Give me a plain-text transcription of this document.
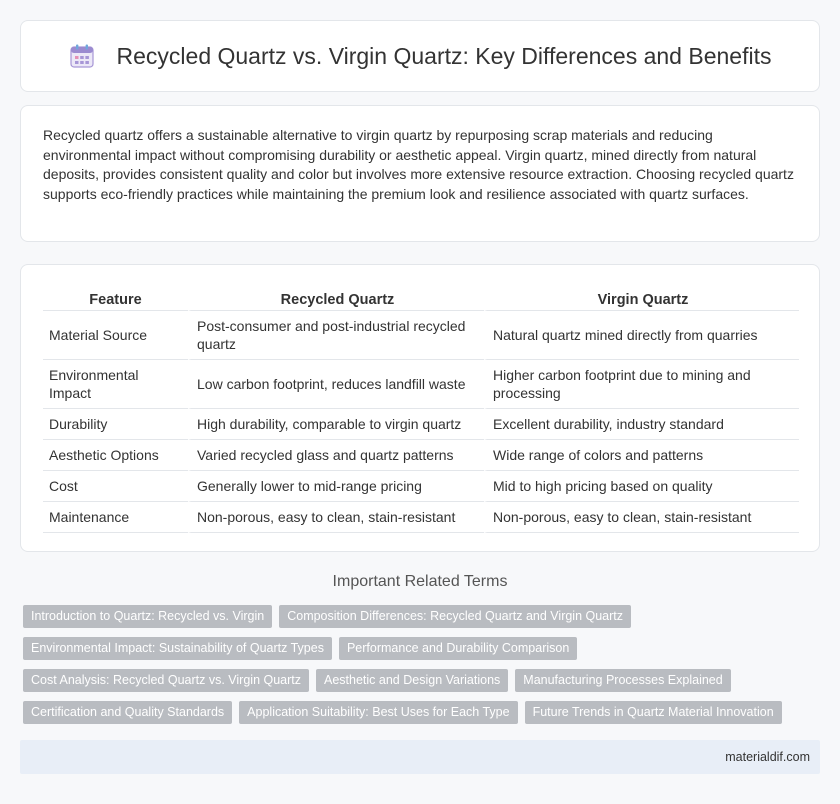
Recycled Quartz vs. Virgin Quartz: Key Differences and Benefits

Recycled quartz offers a sustainable alternative to virgin quartz by repurposing scrap materials and reducing environmental impact without compromising durability or aesthetic appeal. Virgin quartz, mined directly from natural deposits, provides consistent quality and color but involves more extensive resource extraction. Choosing recycled quartz supports eco-friendly practices while maintaining the premium look and resilience associated with quartz surfaces.

Feature	Recycled Quartz	Virgin Quartz
Material Source	Post-consumer and post-industrial recycled quartz	Natural quartz mined directly from quarries
Environmental Impact	Low carbon footprint, reduces landfill waste	Higher carbon footprint due to mining and processing
Durability	High durability, comparable to virgin quartz	Excellent durability, industry standard
Aesthetic Options	Varied recycled glass and quartz patterns	Wide range of colors and patterns
Cost	Generally lower to mid-range pricing	Mid to high pricing based on quality
Maintenance	Non-porous, easy to clean, stain-resistant	Non-porous, easy to clean, stain-resistant
Important Related Terms
Introduction to Quartz: Recycled vs. Virgin	Composition Differences: Recycled Quartz and Virgin Quartz
Environmental Impact: Sustainability of Quartz Types	Performance and Durability Comparison
Cost Analysis: Recycled Quartz vs. Virgin Quartz	Aesthetic and Design Variations	Manufacturing Processes Explained
Certification and Quality Standards	Application Suitability: Best Uses for Each Type	Future Trends in Quartz Material Innovation
materialdif.com
